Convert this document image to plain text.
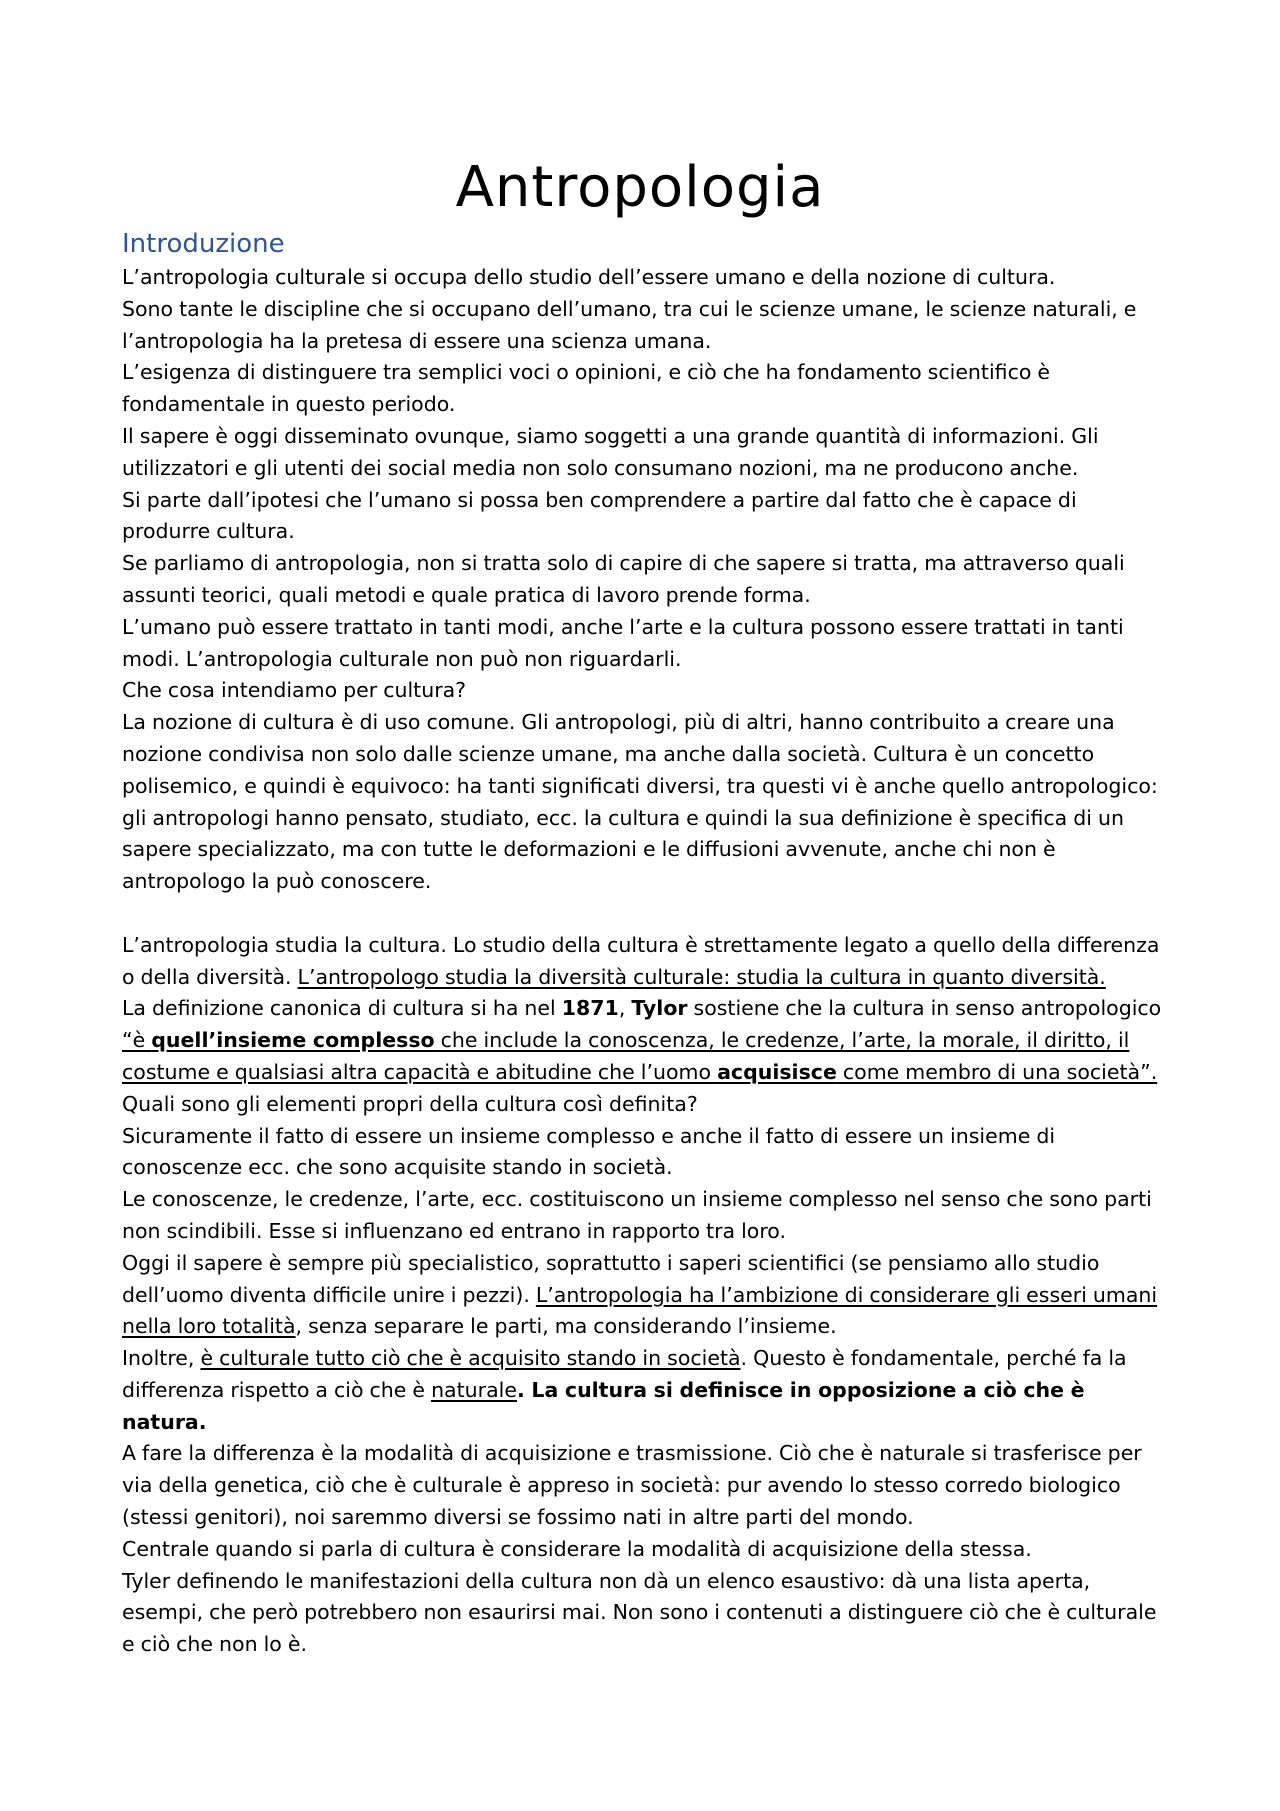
Antropologia
Introduzione

L’antropologia culturale si occupa dello studio dell’essere umano e della nozione di cultura.

Sono tante le discipline che si occupano dell’umano, tra cui le scienze umane, le scienze naturali, e l’antropologia ha la pretesa di essere una scienza umana.

L’esigenza di distinguere tra semplici voci o opinioni, e ciò che ha fondamento scientifico è fondamentale in questo periodo.

Il sapere è oggi disseminato ovunque, siamo soggetti a una grande quantità di informazioni. Gli utilizzatori e gli utenti dei social media non solo consumano nozioni, ma ne producono anche.

Si parte dall’ipotesi che l’umano si possa ben comprendere a partire dal fatto che è capace di produrre cultura.

Se parliamo di antropologia, non si tratta solo di capire di che sapere si tratta, ma attraverso quali assunti teorici, quali metodi e quale pratica di lavoro prende forma.

L’umano può essere trattato in tanti modi, anche l’arte e la cultura possono essere trattati in tanti modi. L’antropologia culturale non può non riguardarli.

Che cosa intendiamo per cultura?

La nozione di cultura è di uso comune. Gli antropologi, più di altri, hanno contribuito a creare una nozione condivisa non solo dalle scienze umane, ma anche dalla società. Cultura è un concetto polisemico, e quindi è equivoco: ha tanti significati diversi, tra questi vi è anche quello antropologico: gli antropologi hanno pensato, studiato, ecc. la cultura e quindi la sua definizione è specifica di un sapere specializzato, ma con tutte le deformazioni e le diffusioni avvenute, anche chi non è antropologo la può conoscere.

L’antropologia studia la cultura. Lo studio della cultura è strettamente legato a quello della differenza o della diversità. L’antropologo studia la diversità culturale: studia la cultura in quanto diversità.

La definizione canonica di cultura si ha nel 1871, Tylor sostiene che la cultura in senso antropologico “è quell’insieme complesso che include la conoscenza, le credenze, l’arte, la morale, il diritto, il costume e qualsiasi altra capacità e abitudine che l’uomo acquisisce come membro di una società”.

Quali sono gli elementi propri della cultura così definita?

Sicuramente il fatto di essere un insieme complesso e anche il fatto di essere un insieme di conoscenze ecc. che sono acquisite stando in società.

Le conoscenze, le credenze, l’arte, ecc. costituiscono un insieme complesso nel senso che sono parti non scindibili. Esse si influenzano ed entrano in rapporto tra loro.

Oggi il sapere è sempre più specialistico, soprattutto i saperi scientifici (se pensiamo allo studio dell’uomo diventa difficile unire i pezzi). L’antropologia ha l’ambizione di considerare gli esseri umani nella loro totalità, senza separare le parti, ma considerando l’insieme.

Inoltre, è culturale tutto ciò che è acquisito stando in società. Questo è fondamentale, perché fa la differenza rispetto a ciò che è naturale. La cultura si definisce in opposizione a ciò che è natura.

A fare la differenza è la modalità di acquisizione e trasmissione. Ciò che è naturale si trasferisce per via della genetica, ciò che è culturale è appreso in società: pur avendo lo stesso corredo biologico (stessi genitori), noi saremmo diversi se fossimo nati in altre parti del mondo.

Centrale quando si parla di cultura è considerare la modalità di acquisizione della stessa.

Tyler definendo le manifestazioni della cultura non dà un elenco esaustivo: dà una lista aperta, esempi, che però potrebbero non esaurirsi mai. Non sono i contenuti a distinguere ciò che è culturale e ciò che non lo è.
